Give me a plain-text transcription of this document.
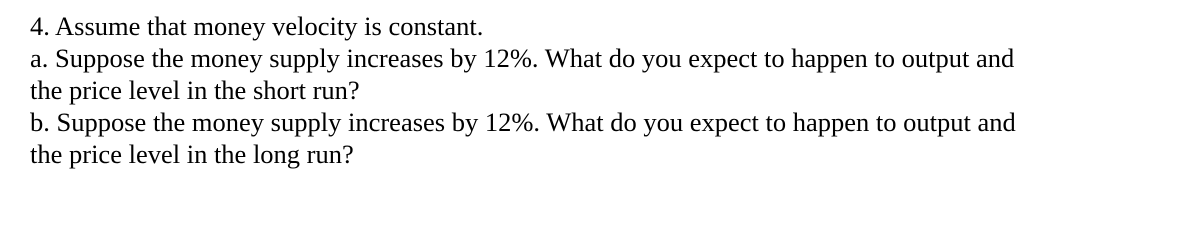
4. Assume that money velocity is constant.
a. Suppose the money supply increases by 12%. What do you expect to happen to output and
the price level in the short run?
b. Suppose the money supply increases by 12%. What do you expect to happen to output and
the price level in the long run?
